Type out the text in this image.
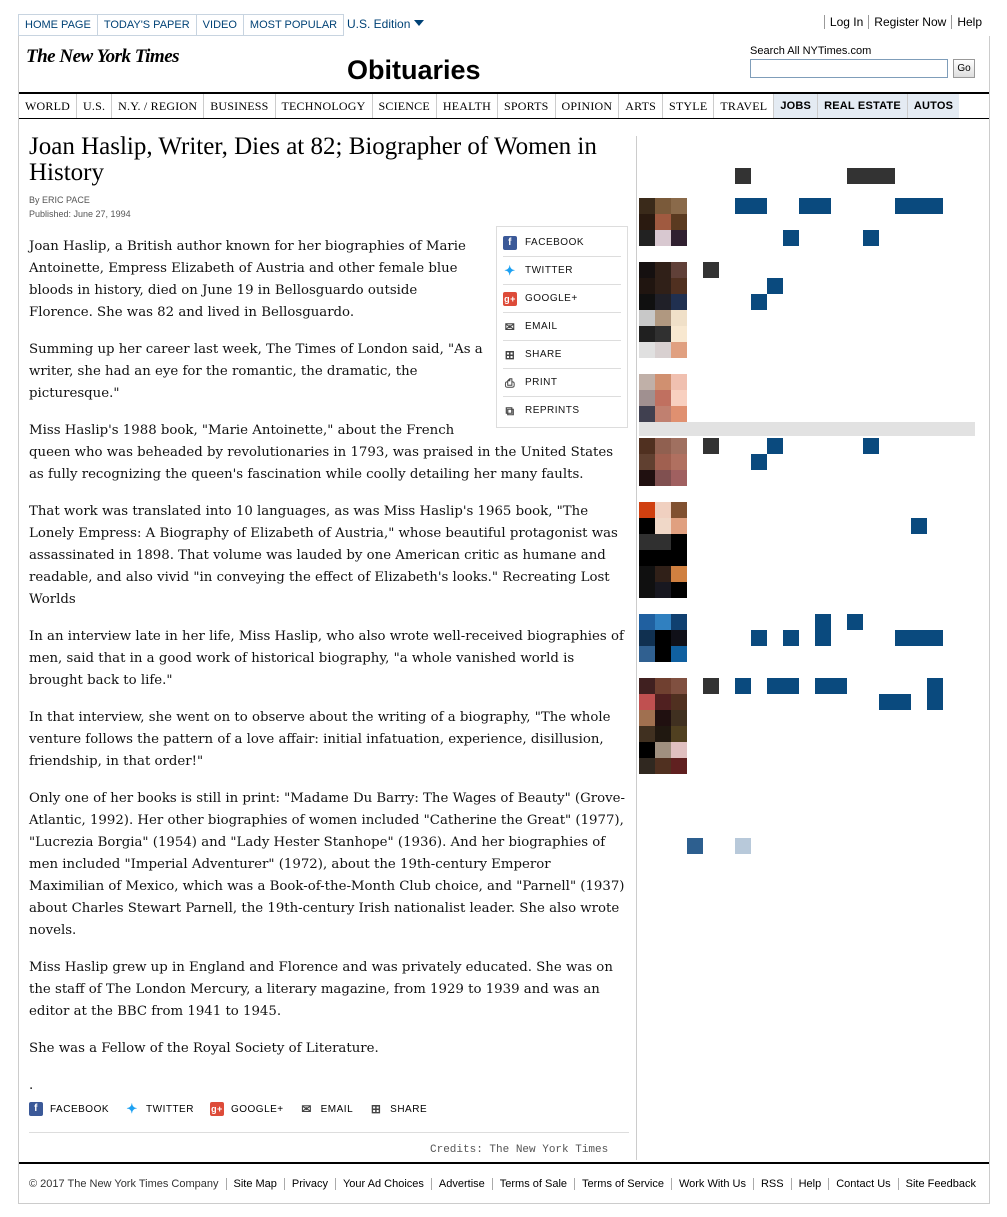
HOME PAGE	TODAY'S PAPER	VIDEO	MOST POPULAR U.S. Edition	Log In Register Now Help
The New York Times	Obituaries
Search All NYTimes.com
Go
WORLD	U.S.	N.Y. / REGION	BUSINESS	TECHNOLOGY	SCIENCE	HEALTH	SPORTS	OPINION	ARTS	STYLE	TRAVEL	JOBS	REAL ESTATE	AUTOS
Joan Haslip, Writer, Dies at 82; Biographer of Women in History
By ERIC PACE
Published: June 27, 1994
f	FACEBOOK
✦ TWITTER
g+ GOOGLE+
✉ EMAIL
⊞ SHARE
⎙ PRINT
⧉ REPRINTS

Joan Haslip, a British author known for her biographies of Marie Antoinette, Empress Elizabeth of Austria and other female blue bloods in history, died on June 19 in Bellosguardo outside Florence. She was 82 and lived in Bellosguardo.

Summing up her career last week, The Times of London said, "As a writer, she had an eye for the romantic, the dramatic, the picturesque."

Miss Haslip's 1988 book, "Marie Antoinette," about the French queen who was beheaded by revolutionaries in 1793, was praised in the United States as fully recognizing the queen's fascination while coolly detailing her many faults.

That work was translated into 10 languages, as was Miss Haslip's 1965 book, "The Lonely Empress: A Biography of Elizabeth of Austria," whose beautiful protagonist was assassinated in 1898. That volume was lauded by one American critic as humane and readable, and also vivid "in conveying the effect of Elizabeth's looks." Recreating Lost Worlds

In an interview late in her life, Miss Haslip, who also wrote well-received biographies of men, said that in a good work of historical biography, "a whole vanished world is brought back to life."

In that interview, she went on to observe about the writing of a biography, "The whole venture follows the pattern of a love affair: initial infatuation, experience, disillusion, friendship, in that order!"

Only one of her books is still in print: "Madame Du Barry: The Wages of Beauty" (Grove-Atlantic, 1992). Her other biographies of women included "Catherine the Great" (1977), "Lucrezia Borgia" (1954) and "Lady Hester Stanhope" (1936). And her biographies of men included "Imperial Adventurer" (1972), about the 19th-century Emperor Maximilian of Mexico, which was a Book-of-the-Month Club choice, and "Parnell" (1937) about Charles Stewart Parnell, the 19th-century Irish nationalist leader. She also wrote novels.

Miss Haslip grew up in England and Florence and was privately educated. She was on the staff of The London Mercury, a literary magazine, from 1929 to 1939 and was an editor at the BBC from 1941 to 1945.

She was a Fellow of the Royal Society of Literature.

.

f	FACEBOOK ✦ TWITTER g+ GOOGLE+ ✉ EMAIL ⊞ SHARE
Credits: The New York Times
© 2017 The New York Times Company	Site Map	Privacy	Your Ad Choices	Advertise	Terms of Sale	Terms of Service	Work With Us	RSS	Help	Contact Us	Site Feedback
